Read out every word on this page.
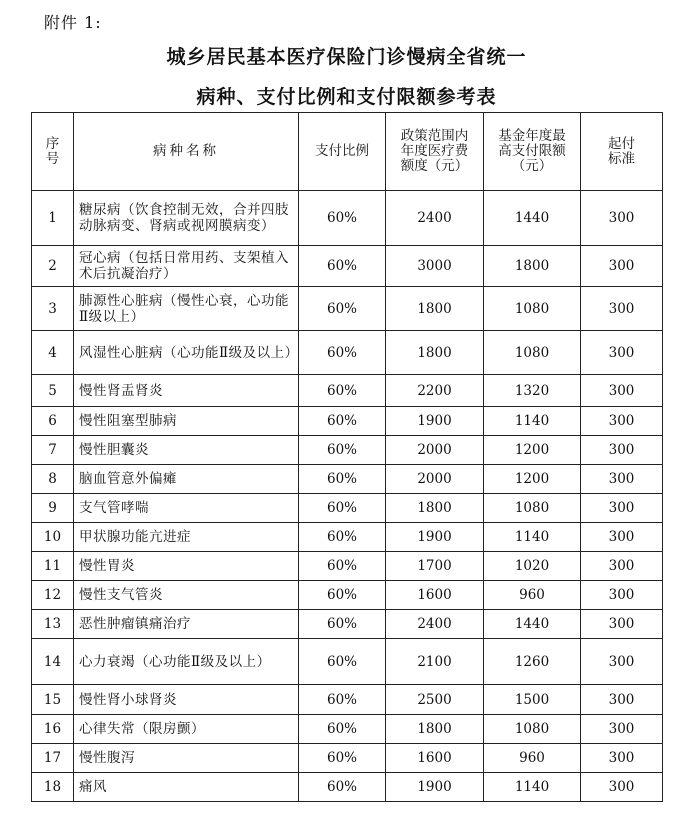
附件 1:
城乡居民基本医疗保险门诊慢病全省统一
病种、支付比例和支付限额参考表
序号	病种名称	支付比例	政策范围内年度医疗费额度（元）	基金年度最高支付限额（元）	起付标准

1	糖尿病（饮食控制无效，合并四肢动脉病变、肾病或视网膜病变）	60%	2400	1440	300
2	冠心病（包括日常用药、支架植入术后抗凝治疗）	60%	3000	1800	300
3	肺源性心脏病（慢性心衰，心功能Ⅱ级以上）	60%	1800	1080	300
4	风湿性心脏病（心功能Ⅱ级及以上）	60%	1800	1080	300
5	慢性肾盂肾炎	60%	2200	1320	300
6	慢性阻塞型肺病	60%	1900	1140	300
7	慢性胆囊炎	60%	2000	1200	300
8	脑血管意外偏瘫	60%	2000	1200	300
9	支气管哮喘	60%	1800	1080	300
10	甲状腺功能亢进症	60%	1900	1140	300
11	慢性胃炎	60%	1700	1020	300
12	慢性支气管炎	60%	1600	960	300
13	恶性肿瘤镇痛治疗	60%	2400	1440	300
14	心力衰竭（心功能Ⅱ级及以上）	60%	2100	1260	300
15	慢性肾小球肾炎	60%	2500	1500	300
16	心律失常（限房颤）	60%	1800	1080	300
17	慢性腹泻	60%	1600	960	300
18	痛风	60%	1900	1140	300
